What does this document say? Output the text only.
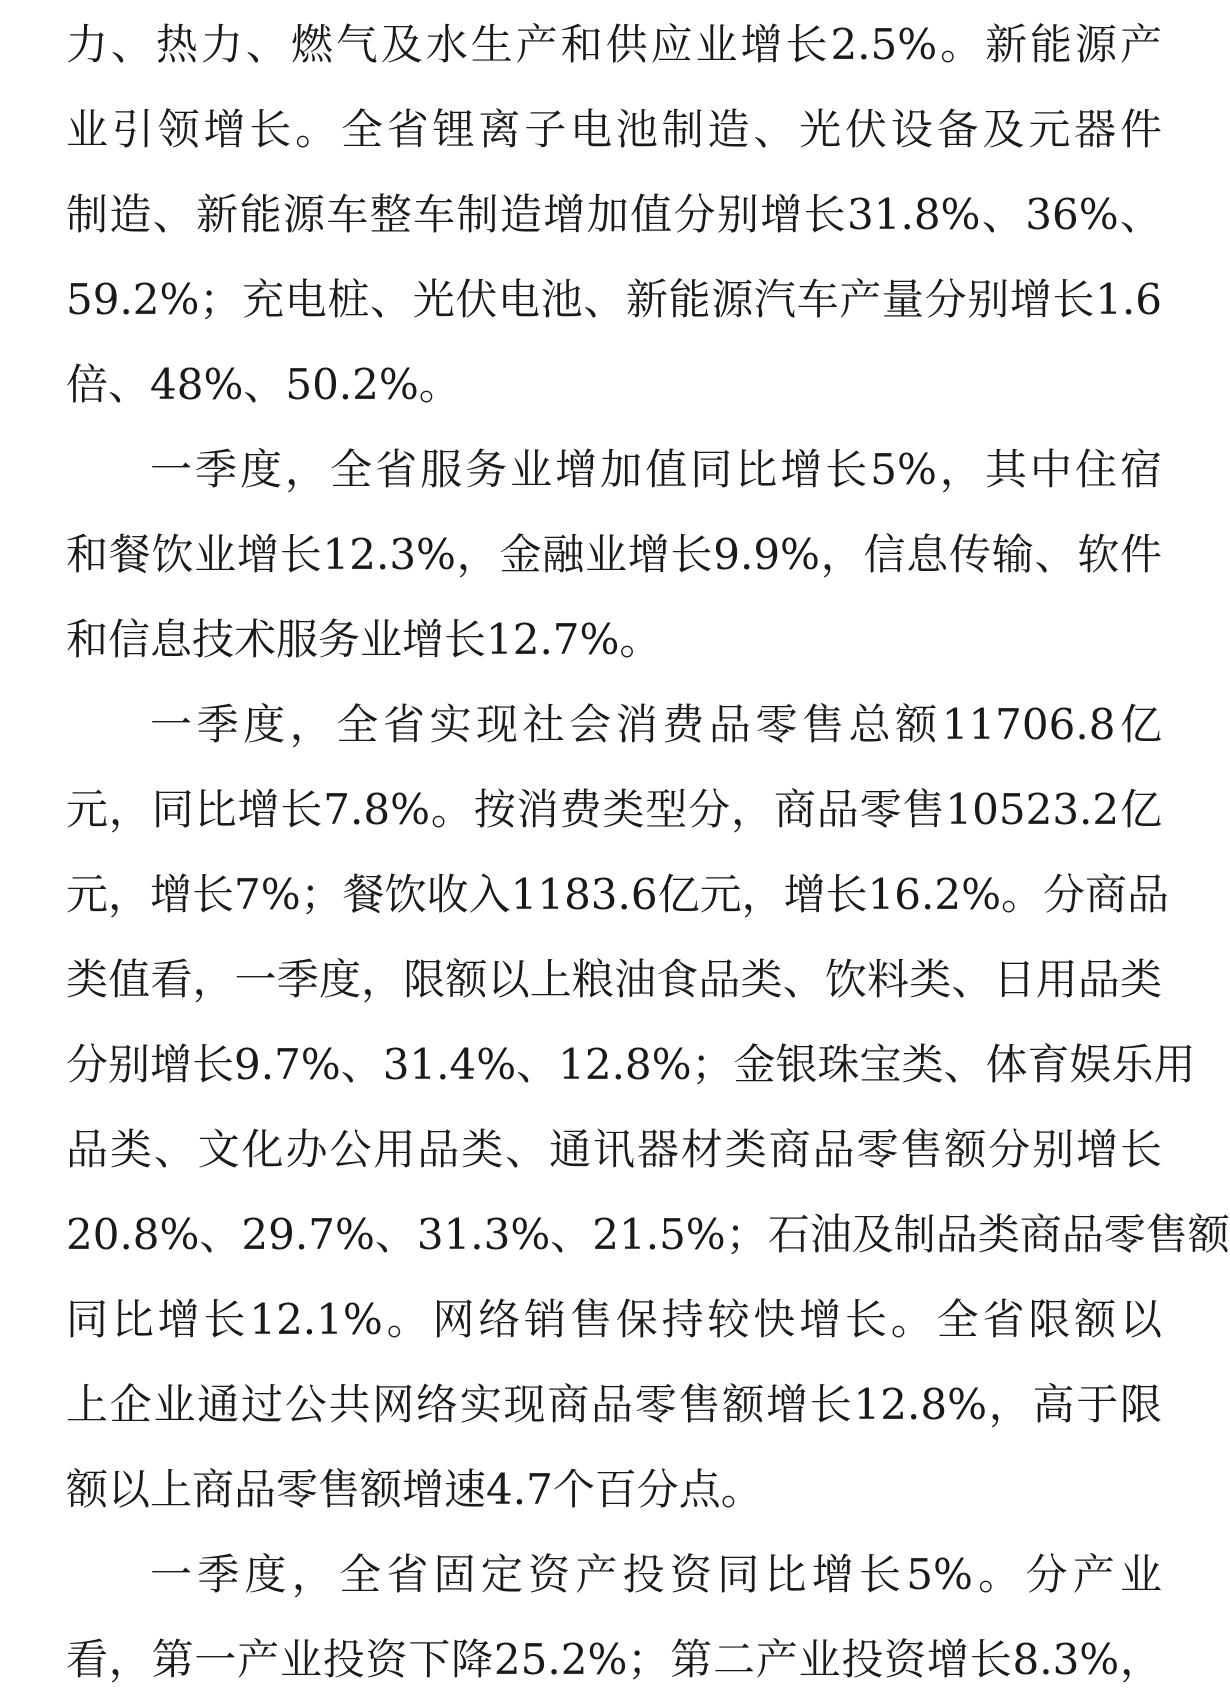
力、热力、燃气及水生产和供应业增长2.5%。新能源产
业引领增长。全省锂离子电池制造、光伏设备及元器件
制造、新能源车整车制造增加值分别增长31.8%、36%、
59.2%；充电桩、光伏电池、新能源汽车产量分别增长1.6
倍、48%、50.2%。
一季度，全省服务业增加值同比增长5%，其中住宿
和餐饮业增长12.3%，金融业增长9.9%，信息传输、软件
和信息技术服务业增长12.7%。
一季度，全省实现社会消费品零售总额11706.8亿
元，同比增长7.8%。按消费类型分，商品零售10523.2亿
元，增长7%；餐饮收入1183.6亿元，增长16.2%。分商品
类值看，一季度，限额以上粮油食品类、饮料类、日用品类
分别增长9.7%、31.4%、12.8%；金银珠宝类、体育娱乐用
品类、文化办公用品类、通讯器材类商品零售额分别增长
20.8%、29.7%、31.3%、21.5%；石油及制品类商品零售额
同比增长12.1%。网络销售保持较快增长。全省限额以
上企业通过公共网络实现商品零售额增长12.8%，高于限
额以上商品零售额增速4.7个百分点。
一季度，全省固定资产投资同比增长5%。分产业
看，第一产业投资下降25.2%；第二产业投资增长8.3%，
